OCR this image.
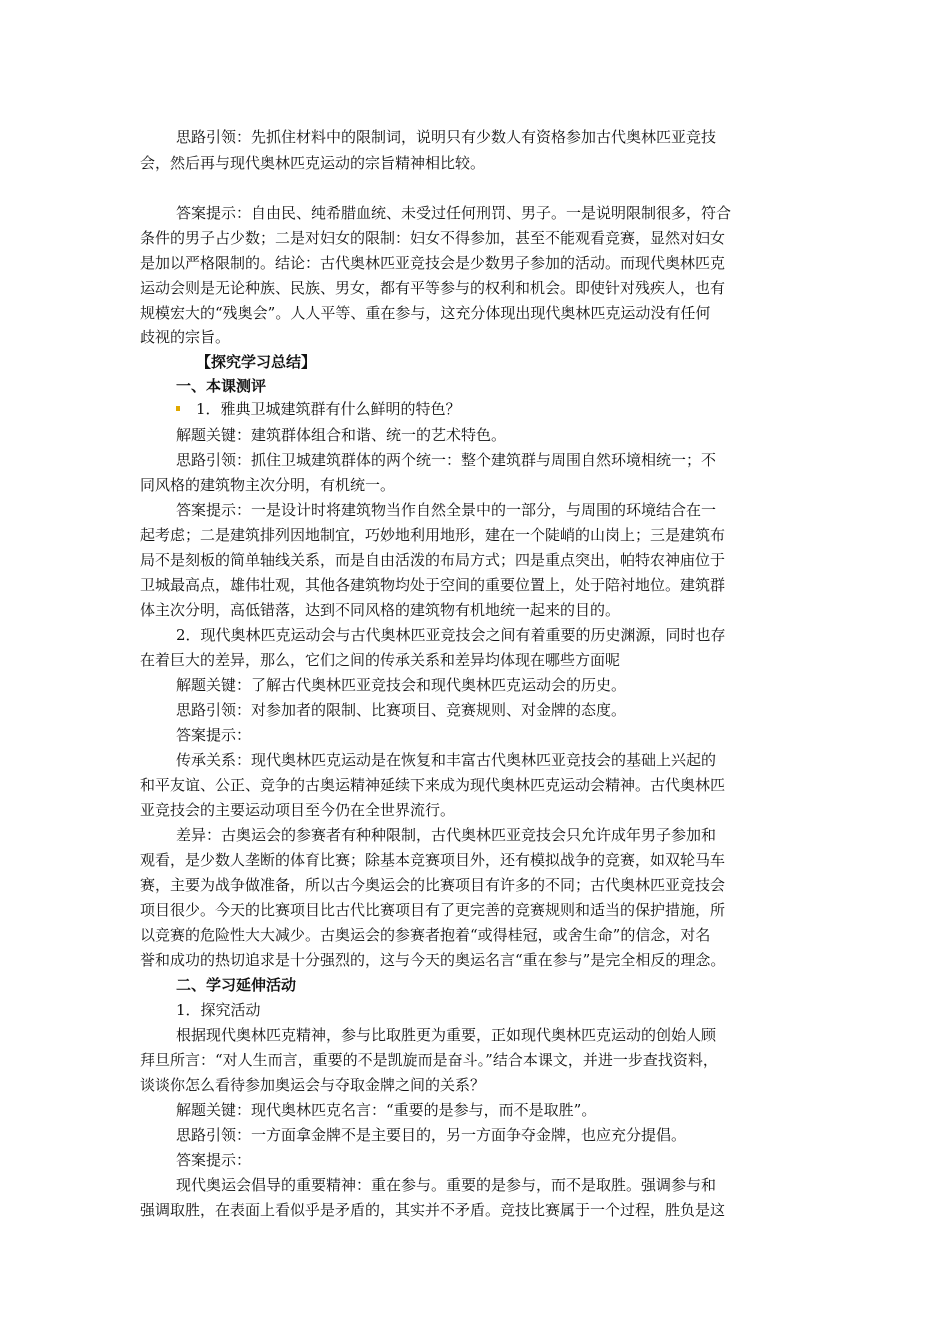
思路引领：先抓住材料中的限制词，说明只有少数人有资格参加古代奥林匹亚竞技
会，然后再与现代奥林匹克运动的宗旨精神相比较。
答案提示：自由民、纯希腊血统、未受过任何刑罚、男子。一是说明限制很多，符合
条件的男子占少数；二是对妇女的限制：妇女不得参加，甚至不能观看竞赛，显然对妇女
是加以严格限制的。结论：古代奥林匹亚竞技会是少数男子参加的活动。而现代奥林匹克
运动会则是无论种族、民族、男女，都有平等参与的权利和机会。即使针对残疾人，也有
规模宏大的“残奥会”。人人平等、重在参与，这充分体现出现代奥林匹克运动没有任何
歧视的宗旨。
【探究学习总结】
一、本课测评
1．雅典卫城建筑群有什么鲜明的特色？
解题关键：建筑群体组合和谐、统一的艺术特色。
思路引领：抓住卫城建筑群体的两个统一：整个建筑群与周围自然环境相统一；不
同风格的建筑物主次分明，有机统一。
答案提示：一是设计时将建筑物当作自然全景中的一部分，与周围的环境结合在一
起考虑；二是建筑排列因地制宜，巧妙地利用地形，建在一个陡峭的山岗上；三是建筑布
局不是刻板的简单轴线关系，而是自由活泼的布局方式；四是重点突出，帕特农神庙位于
卫城最高点，雄伟壮观，其他各建筑物均处于空间的重要位置上，处于陪衬地位。建筑群
体主次分明，高低错落，达到不同风格的建筑物有机地统一起来的目的。
2．现代奥林匹克运动会与古代奥林匹亚竞技会之间有着重要的历史渊源，同时也存
在着巨大的差异，那么，它们之间的传承关系和差异均体现在哪些方面呢
解题关键：了解古代奥林匹亚竞技会和现代奥林匹克运动会的历史。
思路引领：对参加者的限制、比赛项目、竞赛规则、对金牌的态度。
答案提示：
传承关系：现代奥林匹克运动是在恢复和丰富古代奥林匹亚竞技会的基础上兴起的
和平友谊、公正、竞争的古奥运精神延续下来成为现代奥林匹克运动会精神。古代奥林匹
亚竞技会的主要运动项目至今仍在全世界流行。
差异：古奥运会的参赛者有种种限制，古代奥林匹亚竞技会只允许成年男子参加和
观看，是少数人垄断的体育比赛；除基本竞赛项目外，还有模拟战争的竞赛，如双轮马车
赛，主要为战争做准备，所以古今奥运会的比赛项目有许多的不同；古代奥林匹亚竞技会
项目很少。今天的比赛项目比古代比赛项目有了更完善的竞赛规则和适当的保护措施，所
以竞赛的危险性大大减少。古奥运会的参赛者抱着“或得桂冠，或舍生命”的信念，对名
誉和成功的热切追求是十分强烈的，这与今天的奥运名言“重在参与”是完全相反的理念。
二、学习延伸活动
1．探究活动
根据现代奥林匹克精神，参与比取胜更为重要，正如现代奥林匹克运动的创始人顾
拜旦所言：“对人生而言，重要的不是凯旋而是奋斗。”结合本课文，并进一步查找资料，
谈谈你怎么看待参加奥运会与夺取金牌之间的关系？
解题关键：现代奥林匹克名言：“重要的是参与，而不是取胜”。
思路引领：一方面拿金牌不是主要目的，另一方面争夺金牌，也应充分提倡。
答案提示：
现代奥运会倡导的重要精神：重在参与。重要的是参与，而不是取胜。强调参与和
强调取胜，在表面上看似乎是矛盾的，其实并不矛盾。竞技比赛属于一个过程，胜负是这
